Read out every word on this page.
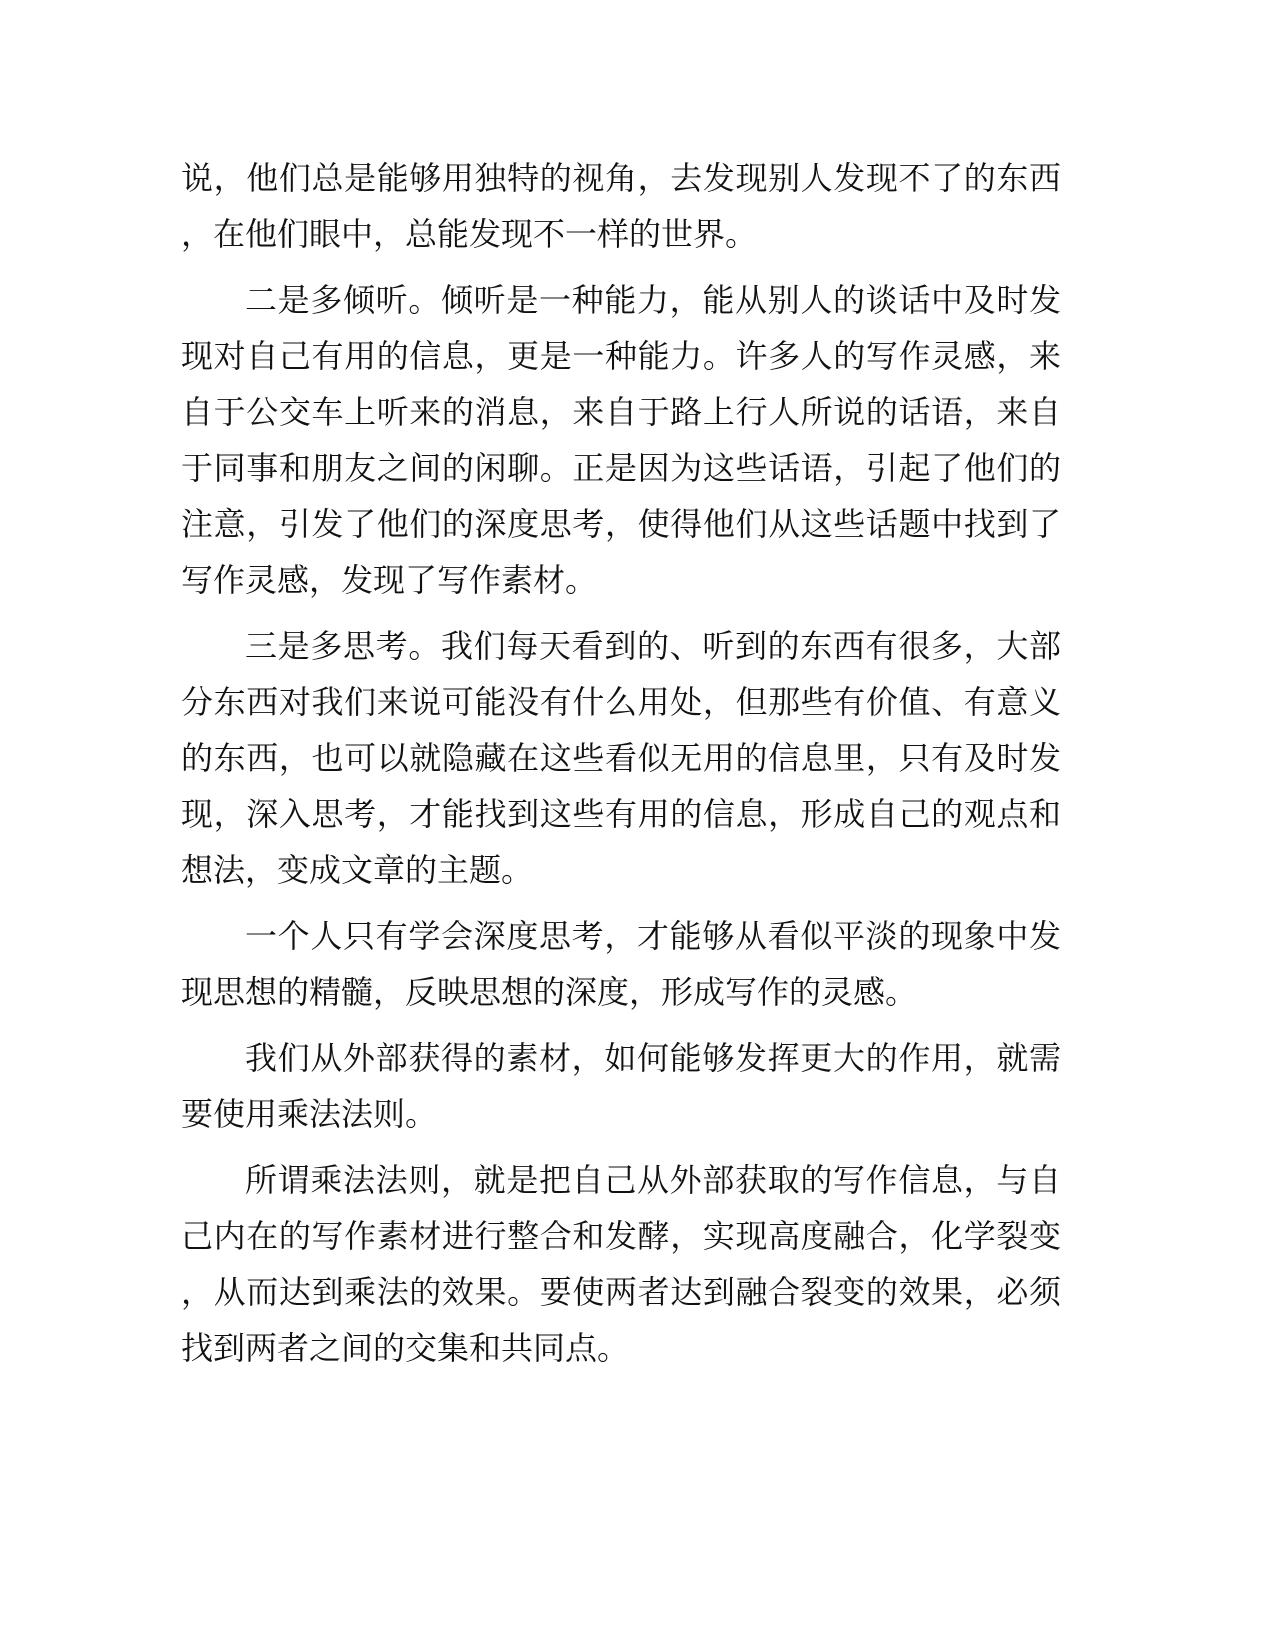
说，他们总是能够用独特的视角，去发现别人发现不了的东西，在他们眼中，总能发现不一样的世界。

二是多倾听。倾听是一种能力，能从别人的谈话中及时发现对自己有用的信息，更是一种能力。许多人的写作灵感，来自于公交车上听来的消息，来自于路上行人所说的话语，来自于同事和朋友之间的闲聊。正是因为这些话语，引起了他们的注意，引发了他们的深度思考，使得他们从这些话题中找到了写作灵感，发现了写作素材。

三是多思考。我们每天看到的、听到的东西有很多，大部分东西对我们来说可能没有什么用处，但那些有价值、有意义的东西，也可以就隐藏在这些看似无用的信息里，只有及时发现，深入思考，才能找到这些有用的信息，形成自己的观点和想法，变成文章的主题。

一个人只有学会深度思考，才能够从看似平淡的现象中发现思想的精髓，反映思想的深度，形成写作的灵感。

我们从外部获得的素材，如何能够发挥更大的作用，就需要使用乘法法则。

所谓乘法法则，就是把自己从外部获取的写作信息，与自己内在的写作素材进行整合和发酵，实现高度融合，化学裂变，从而达到乘法的效果。要使两者达到融合裂变的效果，必须找到两者之间的交集和共同点。
